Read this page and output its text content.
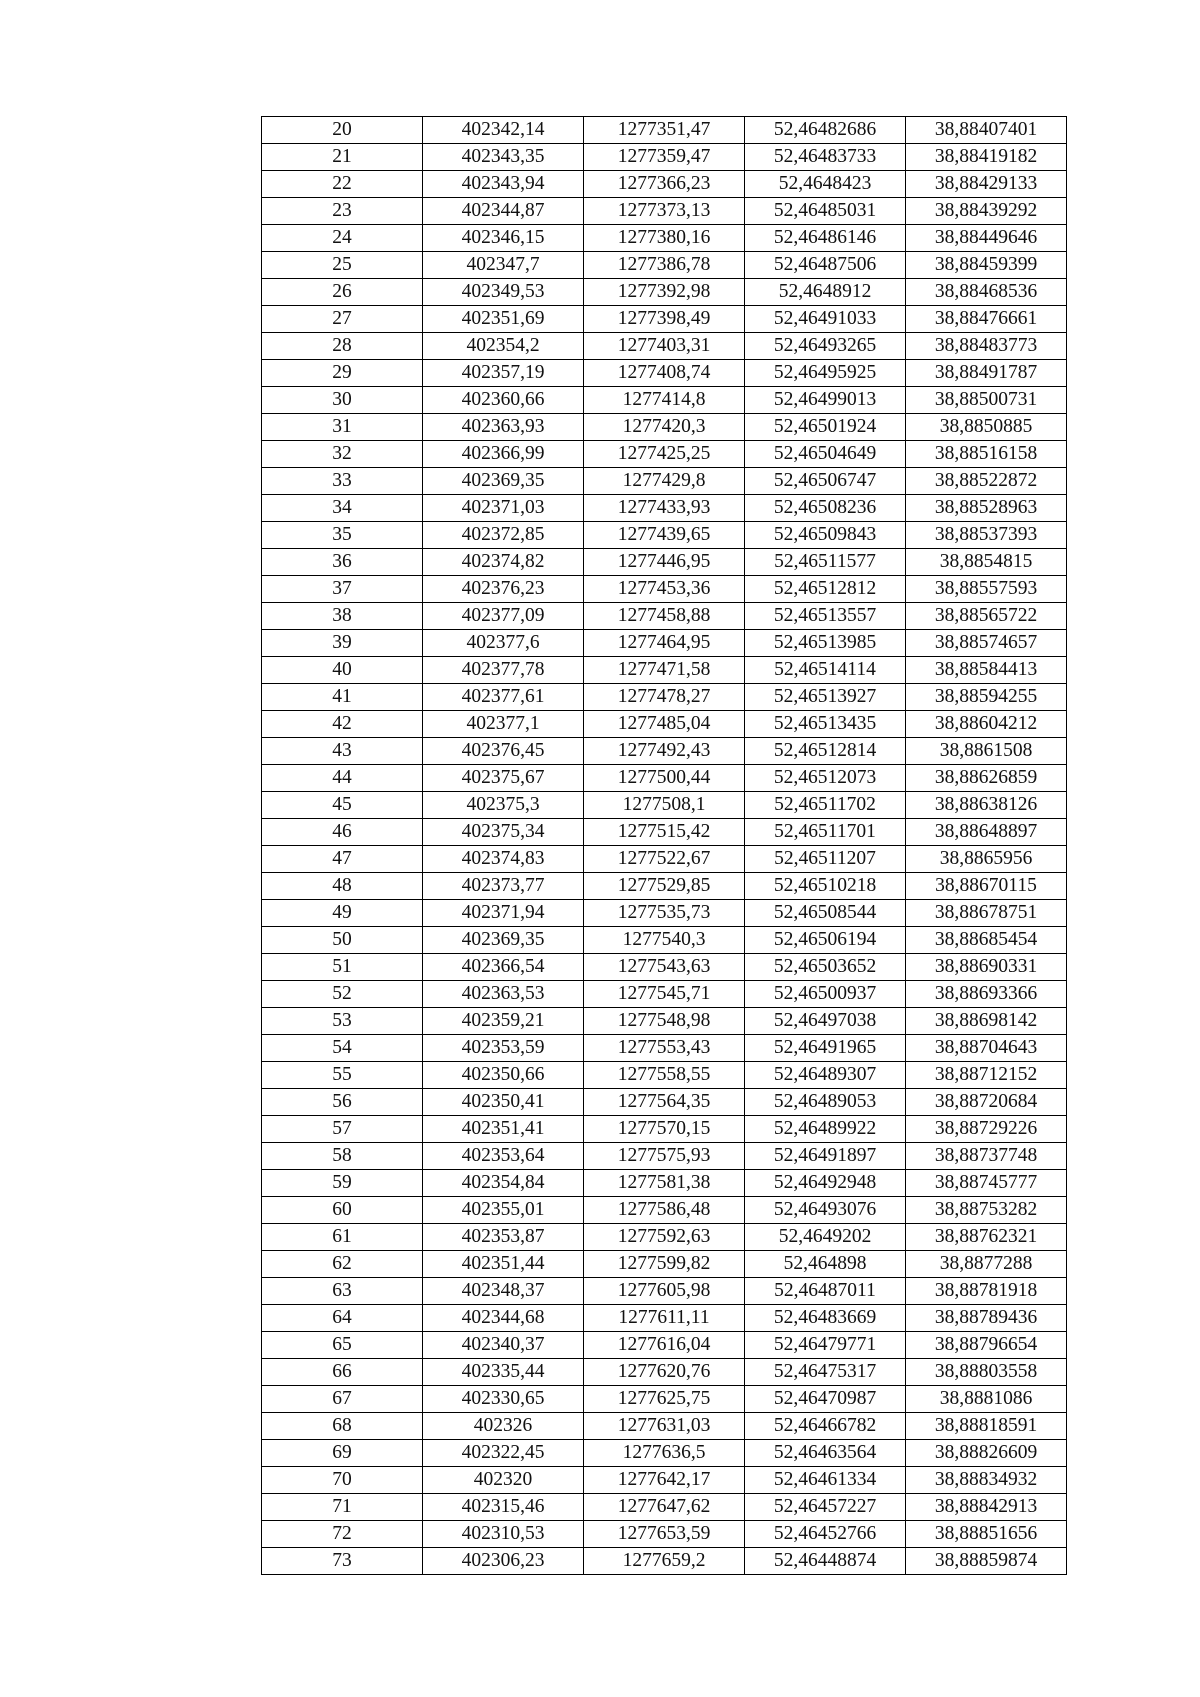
20	402342,14	1277351,47	52,46482686	38,88407401
21	402343,35	1277359,47	52,46483733	38,88419182
22	402343,94	1277366,23	52,4648423	38,88429133
23	402344,87	1277373,13	52,46485031	38,88439292
24	402346,15	1277380,16	52,46486146	38,88449646
25	402347,7	1277386,78	52,46487506	38,88459399
26	402349,53	1277392,98	52,4648912	38,88468536
27	402351,69	1277398,49	52,46491033	38,88476661
28	402354,2	1277403,31	52,46493265	38,88483773
29	402357,19	1277408,74	52,46495925	38,88491787
30	402360,66	1277414,8	52,46499013	38,88500731
31	402363,93	1277420,3	52,46501924	38,8850885
32	402366,99	1277425,25	52,46504649	38,88516158
33	402369,35	1277429,8	52,46506747	38,88522872
34	402371,03	1277433,93	52,46508236	38,88528963
35	402372,85	1277439,65	52,46509843	38,88537393
36	402374,82	1277446,95	52,46511577	38,8854815
37	402376,23	1277453,36	52,46512812	38,88557593
38	402377,09	1277458,88	52,46513557	38,88565722
39	402377,6	1277464,95	52,46513985	38,88574657
40	402377,78	1277471,58	52,46514114	38,88584413
41	402377,61	1277478,27	52,46513927	38,88594255
42	402377,1	1277485,04	52,46513435	38,88604212
43	402376,45	1277492,43	52,46512814	38,8861508
44	402375,67	1277500,44	52,46512073	38,88626859
45	402375,3	1277508,1	52,46511702	38,88638126
46	402375,34	1277515,42	52,46511701	38,88648897
47	402374,83	1277522,67	52,46511207	38,8865956
48	402373,77	1277529,85	52,46510218	38,88670115
49	402371,94	1277535,73	52,46508544	38,88678751
50	402369,35	1277540,3	52,46506194	38,88685454
51	402366,54	1277543,63	52,46503652	38,88690331
52	402363,53	1277545,71	52,46500937	38,88693366
53	402359,21	1277548,98	52,46497038	38,88698142
54	402353,59	1277553,43	52,46491965	38,88704643
55	402350,66	1277558,55	52,46489307	38,88712152
56	402350,41	1277564,35	52,46489053	38,88720684
57	402351,41	1277570,15	52,46489922	38,88729226
58	402353,64	1277575,93	52,46491897	38,88737748
59	402354,84	1277581,38	52,46492948	38,88745777
60	402355,01	1277586,48	52,46493076	38,88753282
61	402353,87	1277592,63	52,4649202	38,88762321
62	402351,44	1277599,82	52,464898	38,8877288
63	402348,37	1277605,98	52,46487011	38,88781918
64	402344,68	1277611,11	52,46483669	38,88789436
65	402340,37	1277616,04	52,46479771	38,88796654
66	402335,44	1277620,76	52,46475317	38,88803558
67	402330,65	1277625,75	52,46470987	38,8881086
68	402326	1277631,03	52,46466782	38,88818591
69	402322,45	1277636,5	52,46463564	38,88826609
70	402320	1277642,17	52,46461334	38,88834932
71	402315,46	1277647,62	52,46457227	38,88842913
72	402310,53	1277653,59	52,46452766	38,88851656
73	402306,23	1277659,2	52,46448874	38,88859874
